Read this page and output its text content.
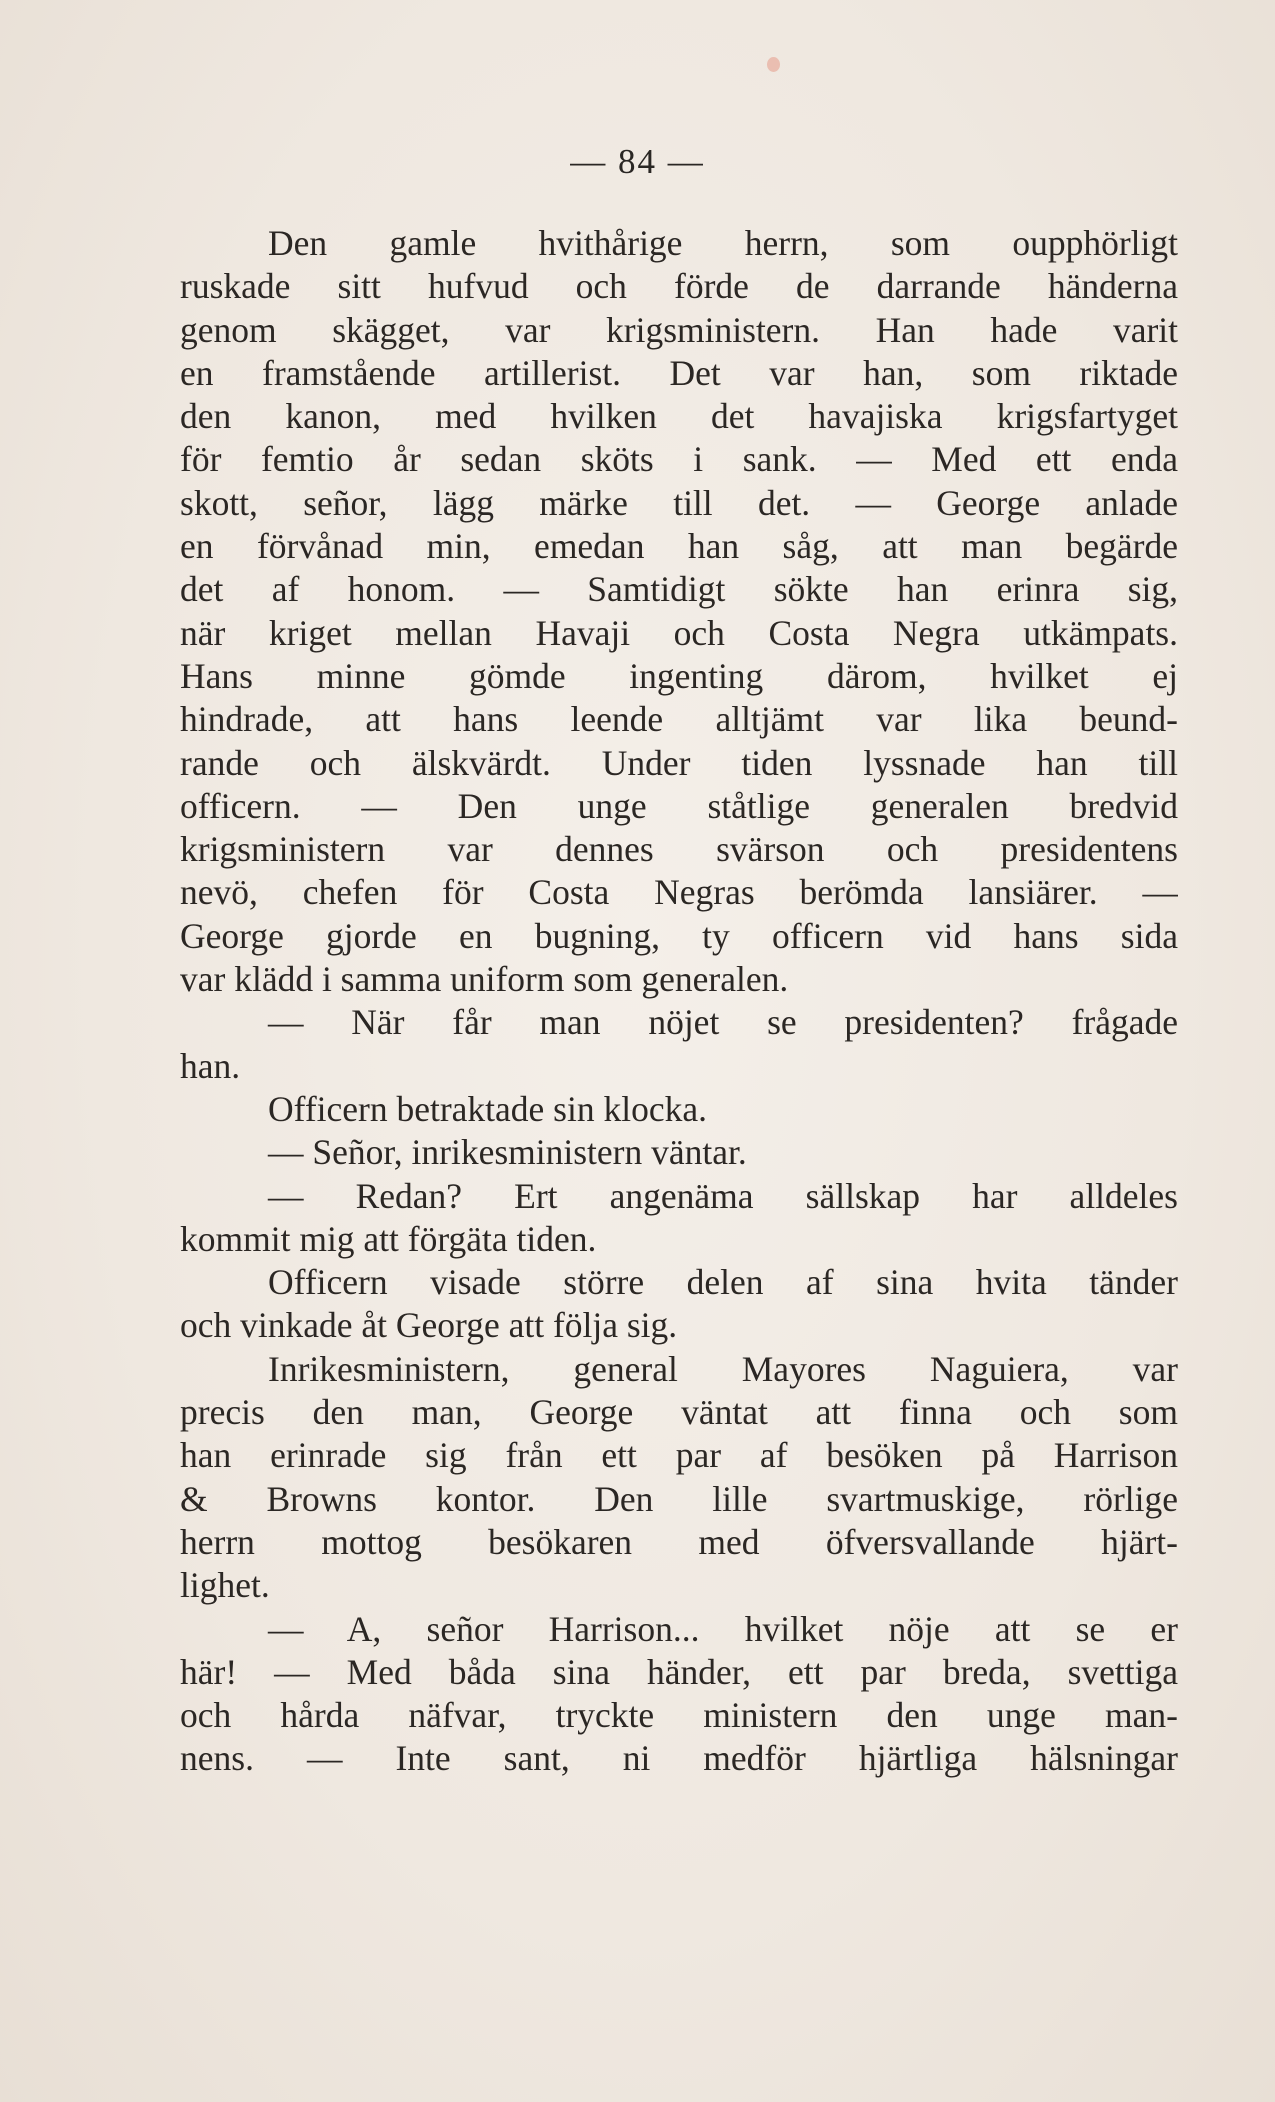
— 84 —
Den gamle hvithårige herrn, som oupphörligt
ruskade sitt hufvud och förde de darrande händerna
genom skägget, var krigsministern. Han hade varit
en framstående artillerist. Det var han, som riktade
den kanon, med hvilken det havajiska krigsfartyget
för femtio år sedan sköts i sank. — Med ett enda
skott, señor, lägg märke till det. — George anlade
en förvånad min, emedan han såg, att man begärde
det af honom. — Samtidigt sökte han erinra sig,
när kriget mellan Havaji och Costa Negra utkämpats.
Hans minne gömde ingenting därom, hvilket ej
hindrade, att hans leende alltjämt var lika beund-
rande och älskvärdt. Under tiden lyssnade han till
officern. — Den unge ståtlige generalen bredvid
krigsministern var dennes svärson och presidentens
nevö, chefen för Costa Negras berömda lansiärer. —
George gjorde en bugning, ty officern vid hans sida
var klädd i samma uniform som generalen.
— När får man nöjet se presidenten? frågade
han.
Officern betraktade sin klocka.
— Señor, inrikesministern väntar.
— Redan? Ert angenäma sällskap har alldeles
kommit mig att förgäta tiden.
Officern visade större delen af sina hvita tänder
och vinkade åt George att följa sig.
Inrikesministern, general Mayores Naguiera, var
precis den man, George väntat att finna och som
han erinrade sig från ett par af besöken på Harrison
& Browns kontor. Den lille svartmuskige, rörlige
herrn mottog besökaren med öfversvallande hjärt-
lighet.
— A, señor Harrison... hvilket nöje att se er
här! — Med båda sina händer, ett par breda, svettiga
och hårda näfvar, tryckte ministern den unge man-
nens. — Inte sant, ni medför hjärtliga hälsningar
